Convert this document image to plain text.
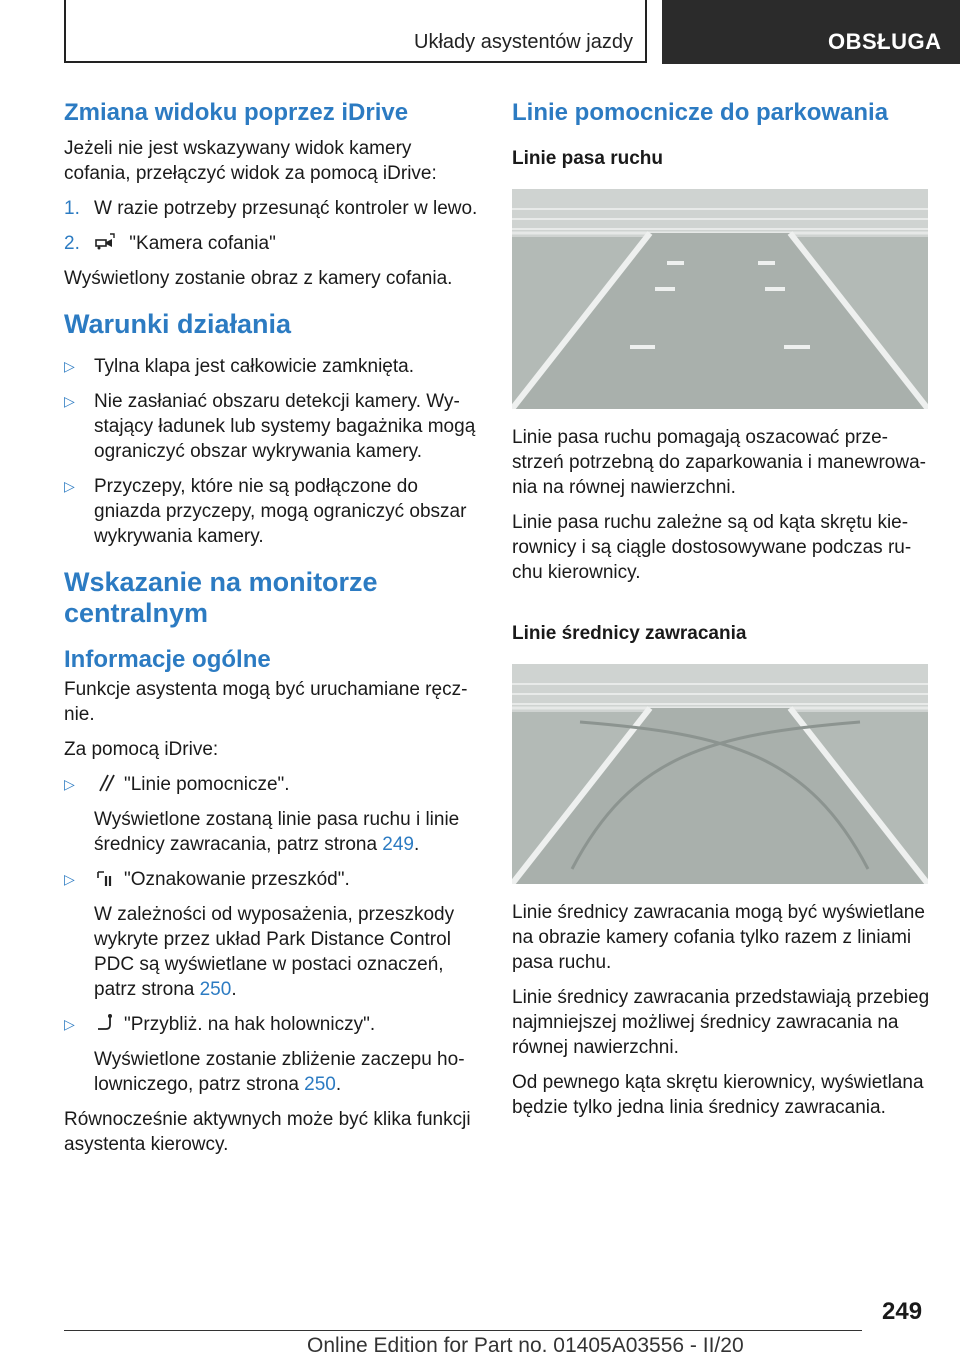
Układy asystentów jazdy	OBSŁUGA
Zmiana widoku poprzez iDrive

Jeżeli nie jest wskazywany widok kamery cofania, przełączyć widok za pomocą iDrive:

1. W razie potrzeby przesunąć kontroler w lewo.
2.	"Kamera cofania"

Wyświetlony zostanie obraz z kamery cofania.

Warunki działania
▷ Tylna klapa jest całkowicie zamknięta.
▷ Nie zasłaniać obszaru detekcji kamery. Wy- stający ładunek lub systemy bagażnika mogą ograniczyć obszar wykrywania kamery.
▷ Przyczepy, które nie są podłączone do gniazda przyczepy, mogą ograniczyć obszar wykrywania kamery.
Wskazanie na monitorze centralnym
Informacje ogólne

Funkcje asystenta mogą być uruchamiane ręcz- nie.

Za pomocą iDrive:

▷	"Linie pomocnicze".

Wyświetlone zostaną linie pasa ruchu i linie średnicy zawracania, patrz strona 249.

▷	"Oznakowanie przeszkód".

W zależności od wyposażenia, przeszkody wykryte przez układ Park Distance Control PDC są wyświetlane w postaci oznaczeń, patrz strona 250.

▷	"Przybliż. na hak holowniczy".

Wyświetlone zostanie zbliżenie zaczepu ho- lowniczego, patrz strona 250.

Równocześnie aktywnych może być klika funkcji asystenta kierowcy.

Linie pomocnicze do parkowania
Linie pasa ruchu

Linie pasa ruchu pomagają oszacować prze- strzeń potrzebną do zaparkowania i manewrowa- nia na równej nawierzchni.

Linie pasa ruchu zależne są od kąta skrętu kie- rownicy i są ciągle dostosowywane podczas ru- chu kierownicy.

Linie średnicy zawracania

Linie średnicy zawracania mogą być wyświetlane na obrazie kamery cofania tylko razem z liniami pasa ruchu.

Linie średnicy zawracania przedstawiają przebieg najmniejszej możliwej średnicy zawracania na równej nawierzchni.

Od pewnego kąta skrętu kierownicy, wyświetlana będzie tylko jedna linia średnicy zawracania.

249
Online Edition for Part no. 01405A03556 - II/20
